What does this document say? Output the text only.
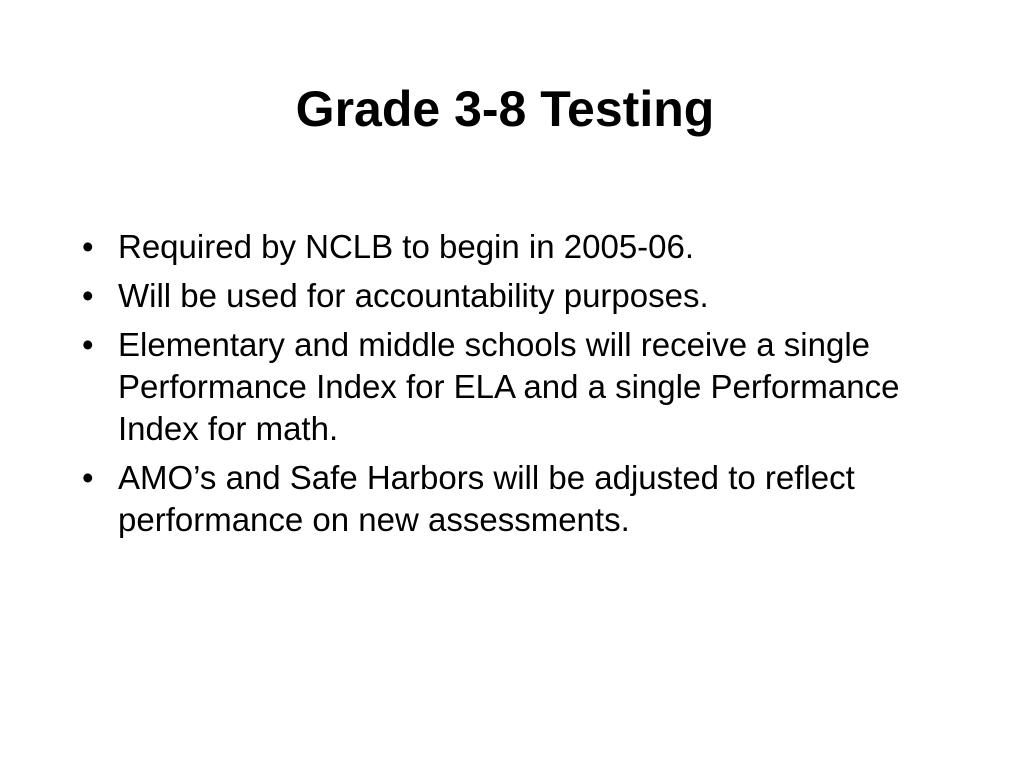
Grade 3-8 Testing
• Required by NCLB to begin in 2005-06.
• Will be used for accountability purposes.
• Elementary and middle schools will receive a single Performance Index for ELA and a single Performance Index for math.
• AMO’s and Safe Harbors will be adjusted to reflect performance on new assessments.
